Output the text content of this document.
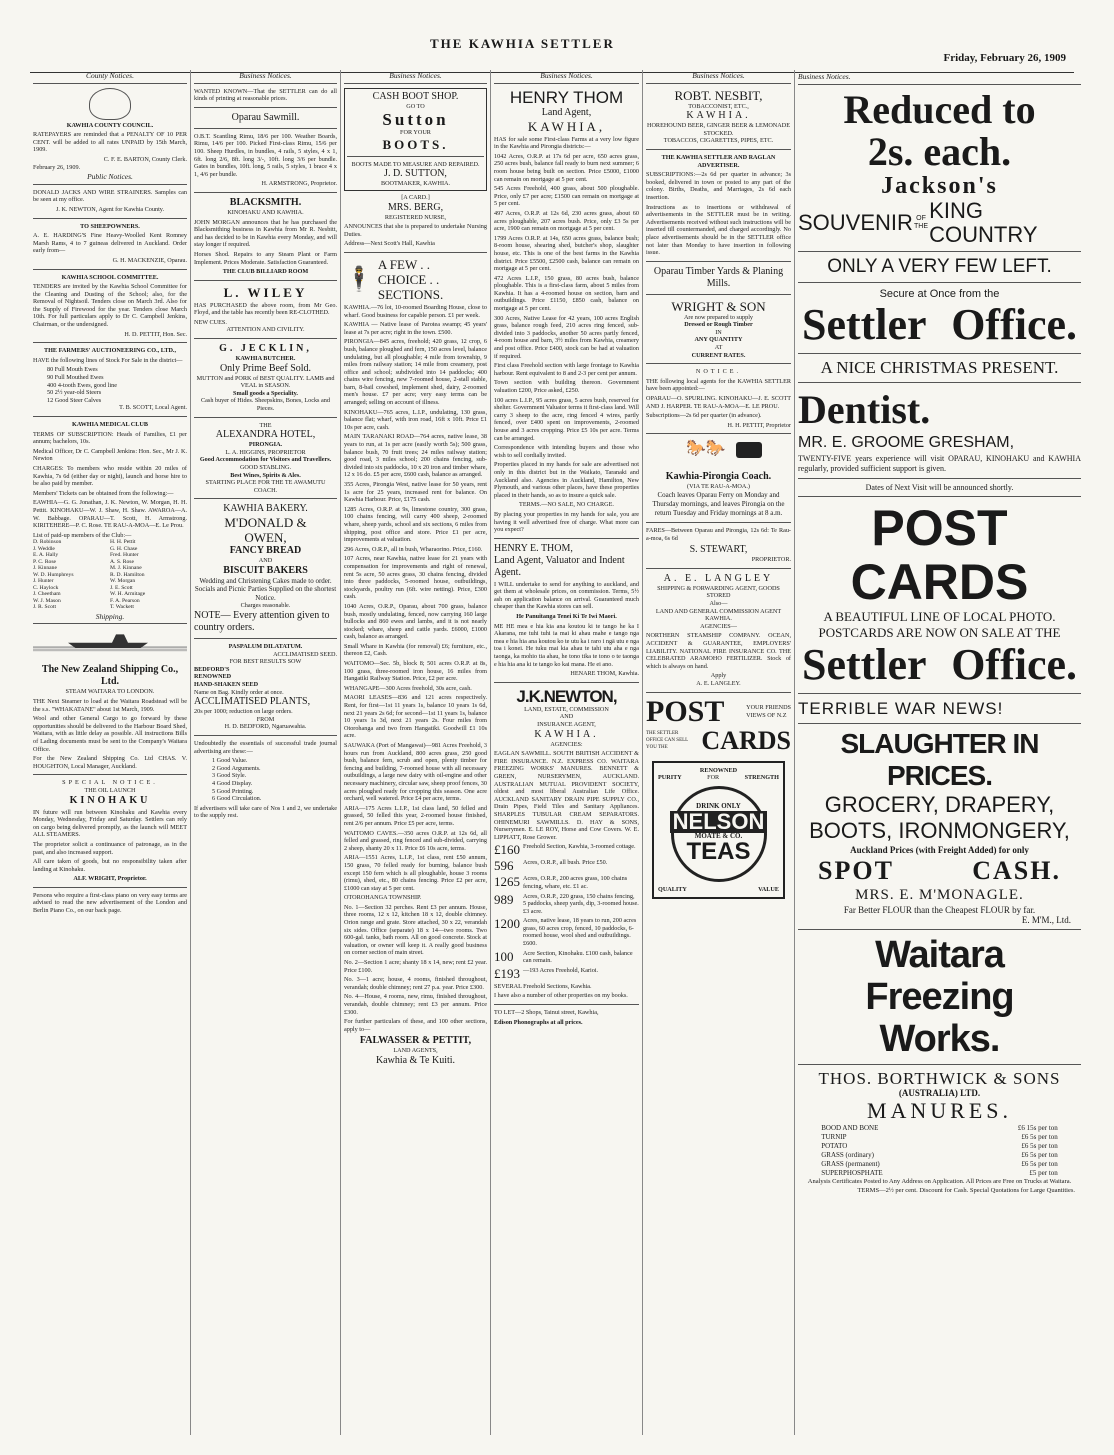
THE KAWHIA SETTLER
Friday, February 26, 1909
County Notices.
KAWHIA COUNTY COUNCIL.
RATEPAYERS are reminded that a PENALTY OF 10 PER CENT. will be added to all rates UNPAID by 15th March, 1909.
C. F. E. BARTON, County Clerk.
February 26, 1909.
Public Notices.
DONALD JACKS AND WIRE STRAINERS. Samples can be seen at my office.
J. K. NEWTON, Agent for Kawhia County.
TO SHEEPOWNERS.
A. E. HARDING'S Fine Heavy-Woolled Kent Romney Marsh Rams, 4 to 7 guineas delivered in Auckland. Order early from—
G. H. MACKENZIE, Oparau.
KAWHIA SCHOOL COMMITTEE.
TENDERS are invited by the Kawhia School Committee for the Cleaning and Dusting of the School; also, for the Removal of Nightsoil. Tenders close on March 3rd. Also for the Supply of Firewood for the year. Tenders close March 10th. For full particulars apply to Dr C. Campbell Jenkins, Chairman, or the undersigned.
H. D. PETTIT, Hon. Sec.
THE FARMERS' AUCTIONEERING CO., LTD.,
HAVE the following lines of Stock For Sale in the district—
80 Full Mouth Ewes
90 Full Mouthed Ewes
400 4-tooth Ewes, good line
50 2½ year-old Steers
12 Good Steer Calves
T. B. SCOTT, Local Agent.
KAWHIA MEDICAL CLUB
TERMS OF SUBSCRIPTION: Heads of Families, £1 per annum; bachelors, 10s.
Medical Officer, Dr C. Campbell Jenkins: Hon. Sec., Mr J. K. Newton
CHARGES: To members who reside within 20 miles of Kawhia, 7s 6d (either day or night), launch and horse hire to be also paid by member.
Members' Tickets can be obtained from the following:—
EAWHIA—G. G. Jonathan, J. K. Newton, W. Morgan, H. H. Pettit. KINOHAKU—W. J. Shaw, H. Shaw. AWAROA—A. W. Babbage. OPARAU—T. Scott, H. Armstrong. KIRITEHERE—P. C. Rose. TE RAU-A-MOA—E. Le Prou.
List of paid-up members of the Club:—
D. Robinson	H. H. Pettit
J. Weddle	G. H. Chase
E. A. Hally	Fred. Hunter
P. C. Rose	A. S. Rose
J. Kinnane	M. J. Kinnane
W. D. Humphreys	R. D. Hamilton
J. Hunter	W. Morgan
C. Haylock	J. E. Scott
J. Cheetham	W. H. Armitage
W. J. Mason	F. A. Pearson
J. R. Scott	T. Wackett
Shipping.
The New Zealand Shipping Co., Ltd.
STEAM WAITARA TO LONDON.
THE Next Steamer to load at the Waitara Roadstead will be the s.s. "WHAKATANE" about 1st March, 1909.
Wool and other General Cargo to go forward by these opportunities should be delivered to the Harbour Board Shed, Waitara, with as little delay as possible. All instructions Bills of Lading documents must be sent to the Company's Waitara Office.
For the New Zealand Shipping Co. Ltd CHAS. V. HOUGHTON, Local Manager, Auckland.
SPECIAL NOTICE.
THE OIL LAUNCH
KINOHAKU
IN future will run between Kinohaku and Kawhia every Monday, Wednesday, Friday and Saturday. Settlers can rely on cargo being delivered promptly, as the launch will MEET ALL STEAMERS.
The proprietor solicit a continuance of patronage, as in the past, and also increased support.
All care taken of goods, but no responsibility taken after landing at Kinohaku.
ALF. WRIGHT, Proprietor.
Persons who require a first-class piano on very easy terms are advised to read the new advertisement of the London and Berlin Piano Co., on our back page.
Business Notices.
WANTED KNOWN—That the SETTLER can do all kinds of printing at reasonable prices.
Oparau Sawmill.
O.B.T. Scantling Rimu, 18/6 per 100. Weather Boards, Rimu, 14/6 per 100. Picked First-class Rimu, 15/6 per 100. Sheep Hurdles, in bundles, 4 rails, 5 styles, 4 x 1, 6ft. long 2/6, 8ft. long 3/-, 10ft. long 3/6 per bundle. Gates in bundles, 10ft. long, 5 rails, 5 styles, 1 brace 4 x 1, 4/6 per bundle.
H. ARMSTRONG, Proprietor.
BLACKSMITH.
KINOHAKU AND KAWHIA.
JOHN MORGAN announces that he has purchased the Blacksmithing business in Kawhia from Mr R. Nesbitt, and has decided to be in Kawhia every Monday, and will stay longer if required.
Horses Shod. Repairs to any Steam Plant or Farm Implement. Prices Moderate. Satisfaction Guaranteed.
THE CLUB BILLIARD ROOM
L. WILEY
HAS PURCHASED the above room, from Mr Geo. Floyd, and the table has recently been RE-CLOTHED.
NEW CUES.
ATTENTION AND CIVILITY.
G. JECKLIN,
KAWHIA BUTCHER.
Only Prime Beef Sold.
MUTTON and PORK of BEST QUALITY. LAMB and VEAL in SEASON.
Small goods a Speciality.
Cash buyer of Hides. Sheepskins, Bones, Locks and Pieces.
THE
ALEXANDRA HOTEL,
PIRONGIA.
L. A. HIGGINS, PROPRIETOR
Good Accommodation for Visitors and Travellers.
GOOD STABLING.
Best Wines, Spirits & Ales.
STARTING PLACE FOR THE TE AWAMUTU COACH.
KAWHIA BAKERY.
M'DONALD &
OWEN,
FANCY BREAD
AND
BISCUIT BAKERS
Wedding and Christening Cakes made to order. Socials and Picnic Parties Supplied on the shortest Notice.
Charges reasonable.
NOTE— Every attention given to country orders.
PASPALUM DILATATUM.
ACCLIMATISED SEED.
FOR BEST RESULTS SOW
BEDFORD'S
RENOWNED
HAND-SHAKEN SEED
Name on Bag. Kindly order at once.
ACCLIMATISED PLANTS,
20s per 1000; reduction on large orders.
FROM
H. D. BEDFORD, Ngaruawahia.
Undoubtedly the essentials of successful trade journal advertising are these:—
1 Good Value.
2 Good Arguments.
3 Good Style.
4 Good Display.
5 Good Printing.
6 Good Circulation.
If advertisers will take care of Nos 1 and 2, we undertake to the supply rest.
Business Notices.
CASH BOOT SHOP.
GO TO
Sutton
FOR YOUR
BOOTS.
BOOTS MADE TO MEASURE AND REPAIRED.
J. D. SUTTON,
BOOTMAKER, KAWHIA.
[A CARD.]
MRS. BERG,
REGISTERED NURSE,
ANNOUNCES that she is prepared to undertake Nursing Duties.
Address—Next Scott's Hall, Kawhia
🕴
A FEW . .
CHOICE . .
SECTIONS.
KAWHIA.—76 lot, 10-roomed Boarding House, close to wharf. Good business for capable person. £1 per week.
KAWHIA — Native lease of Parotea swamp; 45 years' lease at 7s per acre; right in the town. £500.
PIRONGIA—845 acres, freehold; 420 grass, 12 crop, 6 bush, balance ploughed and fern, 150 acres level, balance undulating, but all ploughable; 4 mile from township, 9 miles from railway station; 14 mile from creamery, post office and school; subdivided into 14 paddocks; 400 chains wire fencing, new 7-roomed house, 2-stall stable, barn, 8-bail cowshed, implement shed, dairy, 2-roomed men's house. £7 per acre; very easy terms can be arranged; selling on account of illness.
KINOHAKU—765 acres, L.I.P., undulating, 130 grass, balance flat; wharf, with iron road, 16ft x 10ft. Price £1 10s per acre, cash.
MAIN TARANAKI ROAD—764 acres, native lease, 38 years to run, at 1s per acre (easily worth 5s); 500 grass, balance bush, 70 fruit trees; 24 miles railway station; good road, 3 miles school; 200 chains fencing, sub-divided into six paddocks, 10 x 20 iron and timber whare, 12 x 16 do. £5 per acre, £600 cash, balance as arranged.
355 Acres, Pirongia West, native lease for 50 years, rent 1s acre for 25 years, increased rent for balance. On Kawhia Harbour. Price, £175 cash.
1285 Acres, O.R.P. at 9s, limestone country, 300 grass, 100 chains fencing, will carry 400 sheep, 2-roomed whare, sheep yards, school and six sections, 6 miles from shipping, post office and store. Price £1 per acre, improvements at valuation.
296 Acres, O.R.P., all in bush, Wharaorino. Price, £160.
107 Acres, near Kawhia, native lease for 21 years with compensation for improvements and right of renewal, rent 5s acre, 50 acres grass, 30 chains fencing, divided into three paddocks, 5-roomed house, outbuildings, stockyards, poultry run (6ft. wire netting). Price, £300 cash.
1040 Acres, O.R.P., Oparau, about 700 grass, balance bush, mostly undulating, fenced, now carrying 160 large bullocks and 860 ewes and lambs, and it is not nearly stocked; whare, sheep and cattle yards. £6000, £1000 cash, balance as arranged.
Small Whare in Kawhia (for removal) £6; furniture, etc., thereon £2, Cash.
WAITOMO—Sec. 5b, block 8; 501 acres O.R.P. at 8s, 100 grass, three-roomed iron house, 16 miles from Hangatiki Railway Station. Price, £2 per acre.
WHANGAPE—300 Acres freehold, 30s acre, cash.
MAORI LEASES—836 and 121 acres respectively. Rent, for first—1st 11 years 1s, balance 10 years 1s 6d, next 21 years 2s 6d; for second—1st 11 years 1s, balance 10 years 1s 3d, next 21 years 2s. Four miles from Otorohanga and two from Hangatiki. Goodwill £1 10s acre.
SAUWAKA (Port of Mangawai)—981 Acres Freehold, 3 hours run from Auckland, 800 acres grass, 250 good bush, balance fern, scrub and open, plenty timber for fencing and building, 7-roomed house with all necessary outbuildings, a large new dairy with oil-engine and other necessary machinery, circular saw, sheep proof fences, 30 acres ploughed ready for cropping this season. One acre orchard, well watered. Price £4 per acre, terms.
ARIA—175 Acres L.I.P., 1st class land, 50 felled and grassed, 50 felled this year, 2-roomed house finished, rent 2/6 per annum. Price £5 per acre, terms.
WAITOMO CAVES.—350 acres O.R.P. at 12s 6d, all felled and grassed, ring fenced and sub-divided, carrying 2 sheep, shanty 20 x 11. Price £6 10s acre, terms.
ARIA—1551 Acres, L.I.P., 1st class, rent £50 annum, 150 grass, 70 felled ready for burning, balance bush except 150 fern which is all ploughable, house 3 rooms (rimu), shed, etc., 80 chains fencing. Price £2 per acre, £1000 can stay at 5 per cent.
OTOROHANGA TOWNSHIP.
No. 1—Section 32 perches. Rent £3 per annum. House, three rooms, 12 x 12, kitchen 18 x 12, double chimney. Orion range and grate. Store attached, 30 x 22, verandah six sides. Office (separate) 18 x 14—two rooms. Two 600-gal. tanks, bath room. All on good concrete. Stock at valuation, or owner will keep it. A really good business on corner section of main street.
No. 2—Section 1 acre; shanty 18 x 14, new; rent £2 year. Price £100.
No. 3—1 acre; house, 4 rooms, finished throughout, verandah; double chimney; rent 27 p.a. year. Price £300.
No. 4—House, 4 rooms, new, rimu, finished throughout, verandah, double chimney; rent £3 per annum. Price £300.
For further particulars of these, and 100 other sections, apply to—
FALWASSER & PETTIT,
LAND AGENTS,
Kawhia & Te Kuiti.
Business Notices.
HENRY THOM
Land Agent,
KAWHIA,
HAS for sale some First-class Farms at a very low figure in the Kawhia and Pirongia districts:—
1042 Acres, O.R.P. at 17s 6d per acre, 650 acres grass, 250 acres bush, balance fall ready to burn next summer; 6 room house being built on section. Price £5000, £1000 can remain on mortgage at 5 per cent.
545 Acres Freehold, 400 grass, about 500 ploughable. Price, only £7 per acre; £1500 can remain on mortgage at 5 per cent.
497 Acres, O.R.P. at 12s 6d, 230 acres grass, about 60 acres ploughable, 207 acres bush. Price, only £3 5s per acre, 1900 can remain on mortgage at 5 per cent.
1799 Acres O.R.P. at 14s, 650 acres grass, balance bush; 8-room house, shearing shed, butcher's shop, slaughter house, etc. This is one of the best farms in the Kawhia district. Price £5500, £2500 cash, balance can remain on mortgage at 5 per cent.
472 Acres L.I.P., 150 grass, 80 acres bush, balance ploughable. This is a first-class farm, about 5 miles from Kawhia. It has a 4-roomed house on section, barn and outbuildings. Price £1150, £850 cash, balance on mortgage at 5 per cent.
300 Acres, Native Lease for 42 years, 100 acres English grass, balance rough feed, 210 acres ring fenced, sub-divided into 3 paddocks, another 50 acres partly fenced, 4-room house and barn, 3½ miles from Kawhia, creamery and post office. Price £400, stock can be had at valuation if required.
First class Freehold section with large frontage to Kawhia harbour. Rent equivalent to 8 and 2-3 per cent per annum.
Town section with building thereon. Government valuation £200, Price asked, £250.
100 acres L.I.P., 95 acres grass, 5 acres bush, reserved for shelter. Government Valuator terms it first-class land. Will carry 3 sheep to the acre, ring fenced 4 wires, partly fenced, over £400 spent on improvements, 2-roomed house and 3 acres cropping. Price £5 10s per acre. Terms can be arranged.
Correspondence with intending buyers and those who wish to sell cordially invited.
Properties placed in my hands for sale are advertised not only in this district but in the Waikato, Taranaki and Auckland also. Agencies in Auckland, Hamilton, New Plymouth, and various other places, have these properties placed in their hands, so as to insure a quick sale.
TERMS.—NO SALE, NO CHARGE.
By placing your properties in my hands for sale, you are having it well advertised free of charge. What more can you expect?
HENRY E. THOM,
Land Agent, Valuator and Indent Agent.
I WILL undertake to send for anything to auckland, and get them at wholesale prices, on commission. Terms, 5½ ash on application balance on arrival. Guaranteed much cheaper than the Kawhia stores can sell.
He Panuitanga Tenei Ki Te Iwi Maori.
ME HE mea e hia kia ana koutou ki te tango he ka I Akarana, me tuhi tuhi ia mai ki ahau mahe e tango nga mea e hia hia ana koutou ko te utu ka i raro i ngā utu e nga toa i konei. He tuku mai kia ahau te tahi utu aha e nga taonga, ka mohio tia ahau, he tono tika te tono o te taonga e hia hia ana ki te tango ko kai mana. He ei ano.
HENARE THOM, Kawhia.
J.K.NEWTON,
LAND, ESTATE, COMMISSION
AND
INSURANCE AGENT,
KAWHIA.
AGENCIES:
EAGLAN SAWMILL. SOUTH BRITISH ACCIDENT & FIRE INSURANCE. N.Z. EXPRESS CO. WAITARA FREEZING WORKS' MANURES. BENNETT & GREEN, NURSERYMEN, AUCKLAND. AUSTRALIAN MUTUAL PROVIDENT SOCIETY, oldest and most liberal Australian Life Office. AUCKLAND SANITARY DRAIN PIPE SUPPLY CO., Drain Pipes, Field Tiles and Sanitary Appliances. SHARPLES TUBULAR CREAM SEPARATORS. OHINEMURI SAWMILLS. D. HAY & SONS, Nurserymen. E. LE ROY, Horse and Cow Covers. W. E. LIPPIATT, Rose Grower.
£160 Freehold Section, Kawhia, 3-roomed cottage.
596	Acres, O.R.P., all bush. Price £50.
1265 Acres, O.R.P., 200 acres grass, 100 chains fencing, whare, etc. £1 ac.
989	Acres, O.R.P., 220 grass, 150 chains fencing, 5 paddocks, sheep yards, dip, 3-roomed house. £3 acre.
1200 Acres, native lease, 18 years to run, 200 acres grass, 60 acres crop, fenced, 10 paddocks, 6-roomed house, wool shed and outbuildings. £600.
100	Acre Section, Kinohaku. £100 cash, balance can remain.
£193 —193 Acres Freehold, Karioi.
SEVERAL Freehold Sections, Kawhia.
I have also a number of other properties on my books.
TO LET—2 Shops, Tainui street, Kawhia,
Edison Phonographs at all prices.
Business Notices.
ROBT. NESBIT,
TOBACCONIST, ETC.,
KAWHIA.
HOREHOUND BEER, GINGER BEER & LEMONADE STOCKED.
TOBACCOS, CIGARETTES, PIPES, ETC.
THE KAWHIA SETTLER AND RAGLAN ADVERTISER.
SUBSCRIPTIONS:—2s 6d per quarter in advance; 3s booked, delivered in town or posted to any part of the colony. Births, Deaths, and Marriages, 2s 6d each insertion.
Instructions as to insertions or withdrawal of advertisements in the SETTLER must be in writing. Advertisements received without such instructions will be inserted till countermanded, and charged accordingly. No place advertisements should be in the SETTLER office not later than Monday to have insertion in following issue.
Oparau Timber Yards & Planing Mills.
WRIGHT & SON
Are now prepared to supply
Dressed or Rough Timber
IN
ANY QUANTITY
AT
CURRENT RATES.
NOTICE.
THE following local agents for the KAWHIA SETTLER have been appointed:—
OPARAU—O. SPURLING. KINOHAKU—J. E. SCOTT AND J. HARPER. TE RAU-A-MOA—E. LE PROU.
Subscriptions—2s 6d per quarter (in advance).
H. H. PETTIT, Proprietor
🐎🐎
Kawhia-Pirongia Coach.
(VIA TE RAU-A-MOA.)
Coach leaves Oparau Ferry on Monday and Thursday mornings, and leaves Pirongia on the return Tuesday and Friday mornings at 8 a.m.
FARES—Between Oparau and Pirongia, 12s 6d: Te Rau-a-moa, 6s 6d
S. STEWART,
PROPRIETOR.
A. E. LANGLEY
SHIPPING & FORWARDING AGENT, GOODS STORED
Also—
LAND AND GENERAL COMMISSION AGENT KAWHIA.
AGENCIES—
NORTHERN STEAMSHIP COMPANY. OCEAN, ACCIDENT & GUARANTEE, EMPLOYERS' LIABILITY. NATIONAL FIRE INSURANCE CO. THE CELEBRATED ARAMOHO FERTILIZER. Stock of which is always on hand.
Apply
A. E. LANGLEY.
POST	YOUR FRIENDS
VIEWS OF N.Z
THE SETTLER OFFICE CAN SELL YOU THE	CARDS
RENOWNED
PURITY	FOR	STRENGTH
DRINK ONLY
NELSON
MOATE & CO.
TEAS
QUALITY	VALUE
Business Notices.
Reduced to
2s. each.
Jackson's
SOUVENIR OF THE
KING COUNTRY
ONLY A VERY FEW LEFT.
Secure at Once from the
Settler Office.
A NICE CHRISTMAS PRESENT.
Dentist.
MR. E. GROOME GRESHAM,
TWENTY-FIVE years experience will visit OPARAU, KINOHAKU and KAWHIA regularly, provided sufficient support is given.
Dates of Next Visit will be announced shortly.
POST CARDS
A BEAUTIFUL LINE OF LOCAL PHOTO.
POSTCARDS ARE NOW ON SALE AT THE
Settler Office.
TERRIBLE WAR NEWS!
SLAUGHTER IN PRICES.
GROCERY, DRAPERY,
BOOTS, IRONMONGERY,
Auckland Prices (with Freight Added) for only
SPOT	CASH.
MRS. E. M'MONAGLE.
Far Better FLOUR than the Cheapest FLOUR by far.
E. M'M., Ltd.
Waitara Freezing
Works.
THOS. BORTHWICK & SONS
(AUSTRALIA) LTD.
MANURES.
BOOD AND BONE	£6 15s per ton
TURNIP	£6 5s per ton
POTATO	£6 5s per ton
GRASS (ordinary)	£6 5s per ton
GRASS (permanent)	£6 5s per ton
SUPERPHOSPHATE	£5 per ton
Analysis Certificates Posted to Any Address on Application. All Prices are Free on Trucks at Waitara.
TERMS—2½ per cent. Discount for Cash. Special Quotations for Large Quantities.
